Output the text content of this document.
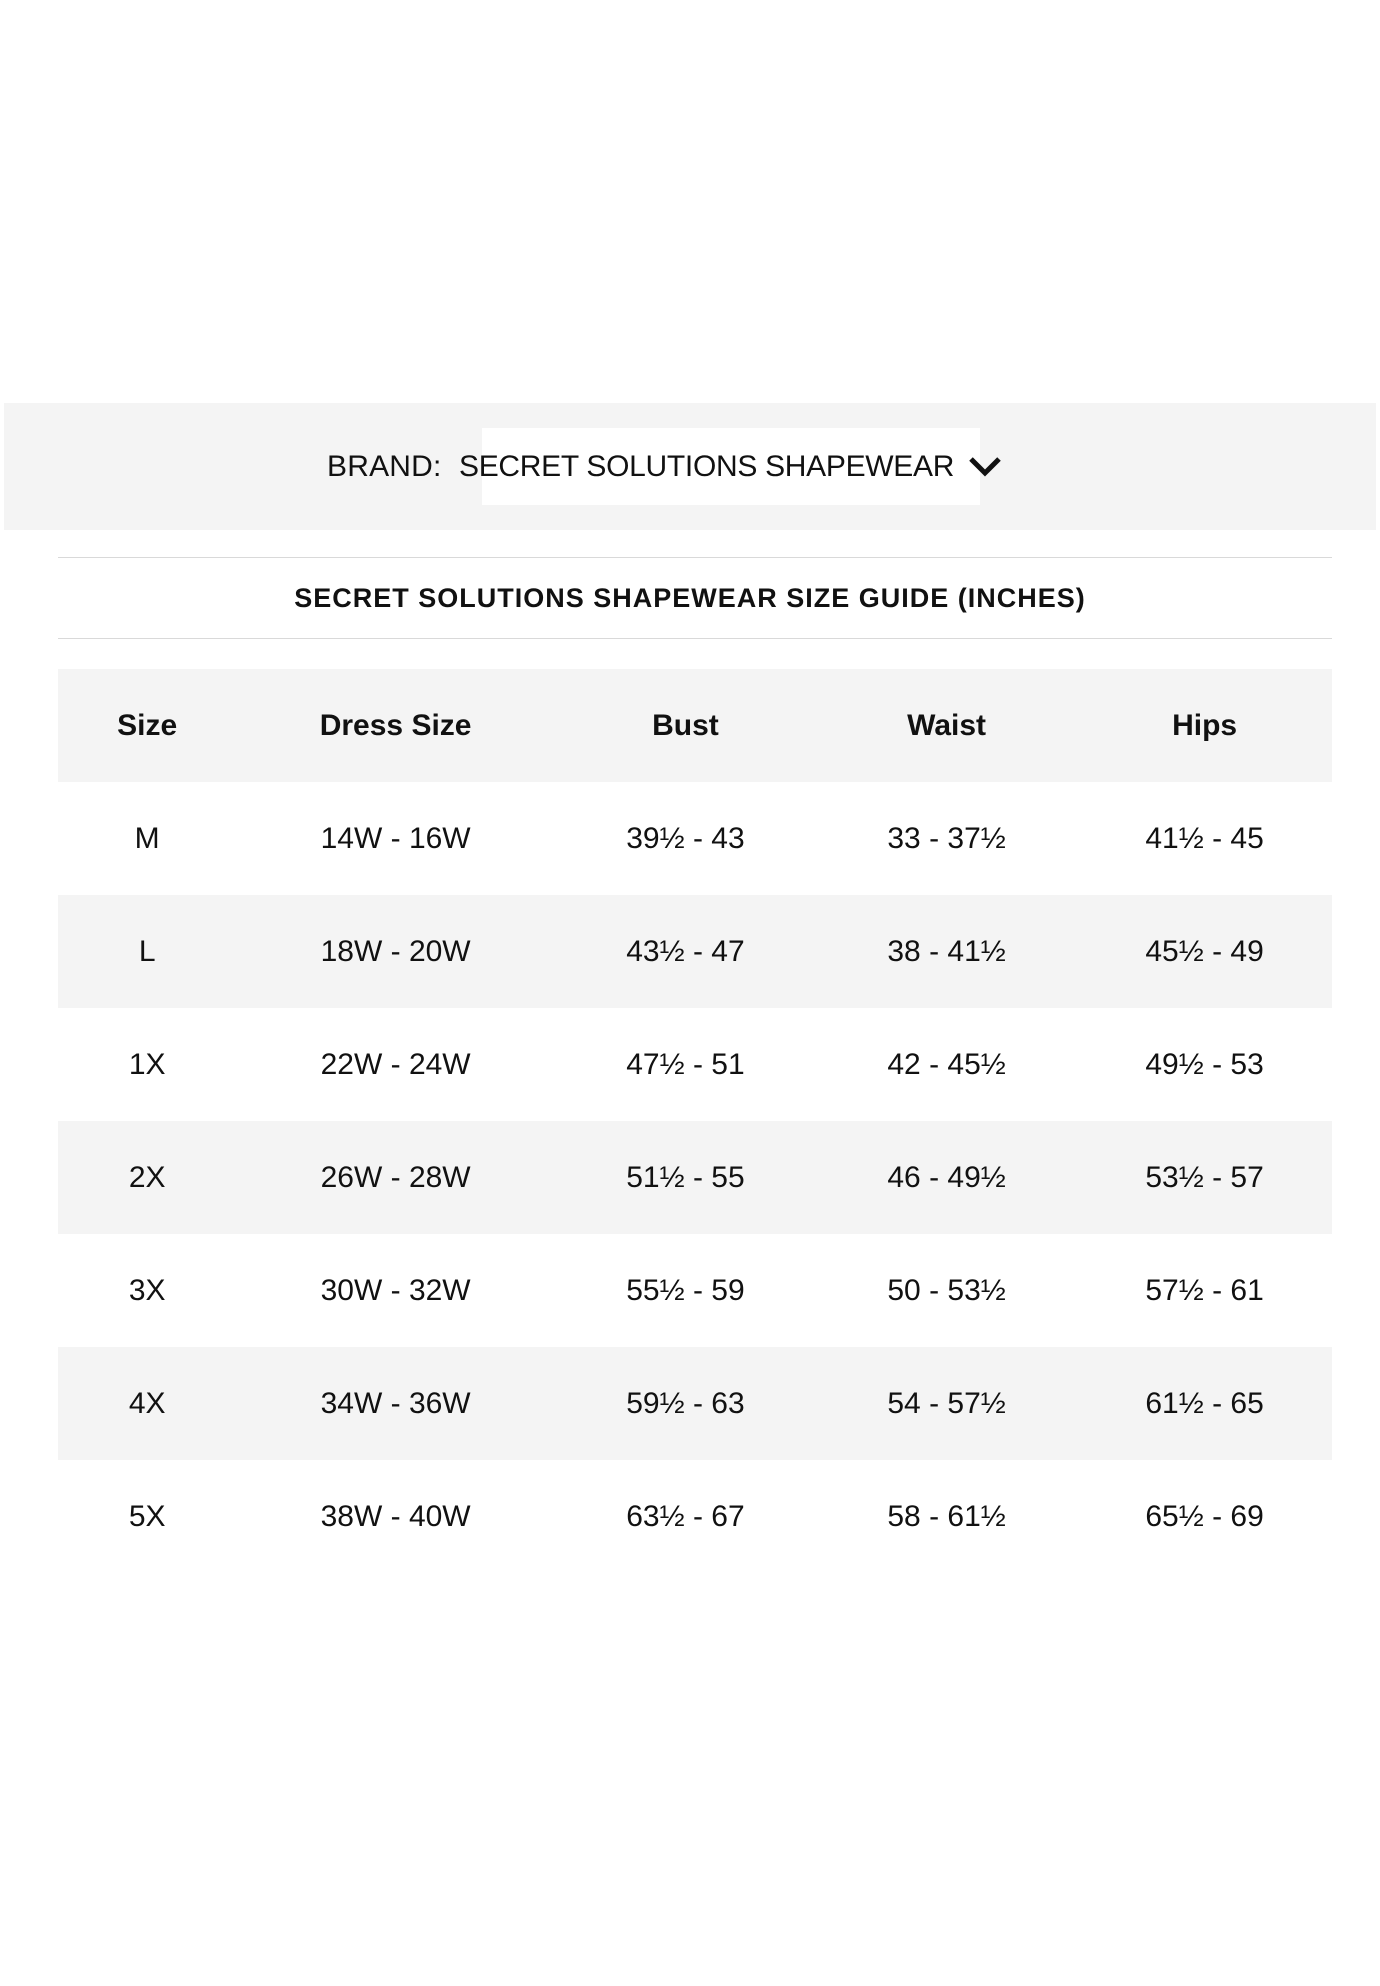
BRAND: SECRET SOLUTIONS SHAPEWEAR
SECRET SOLUTIONS SHAPEWEAR SIZE GUIDE (INCHES)
Size	Dress Size	Bust	Waist	Hips
M	14W - 16W	39½ - 43	33 - 37½	41½ - 45
L	18W - 20W	43½ - 47	38 - 41½	45½ - 49
1X	22W - 24W	47½ - 51	42 - 45½	49½ - 53
2X	26W - 28W	51½ - 55	46 - 49½	53½ - 57
3X	30W - 32W	55½ - 59	50 - 53½	57½ - 61
4X	34W - 36W	59½ - 63	54 - 57½	61½ - 65
5X	38W - 40W	63½ - 67	58 - 61½	65½ - 69
